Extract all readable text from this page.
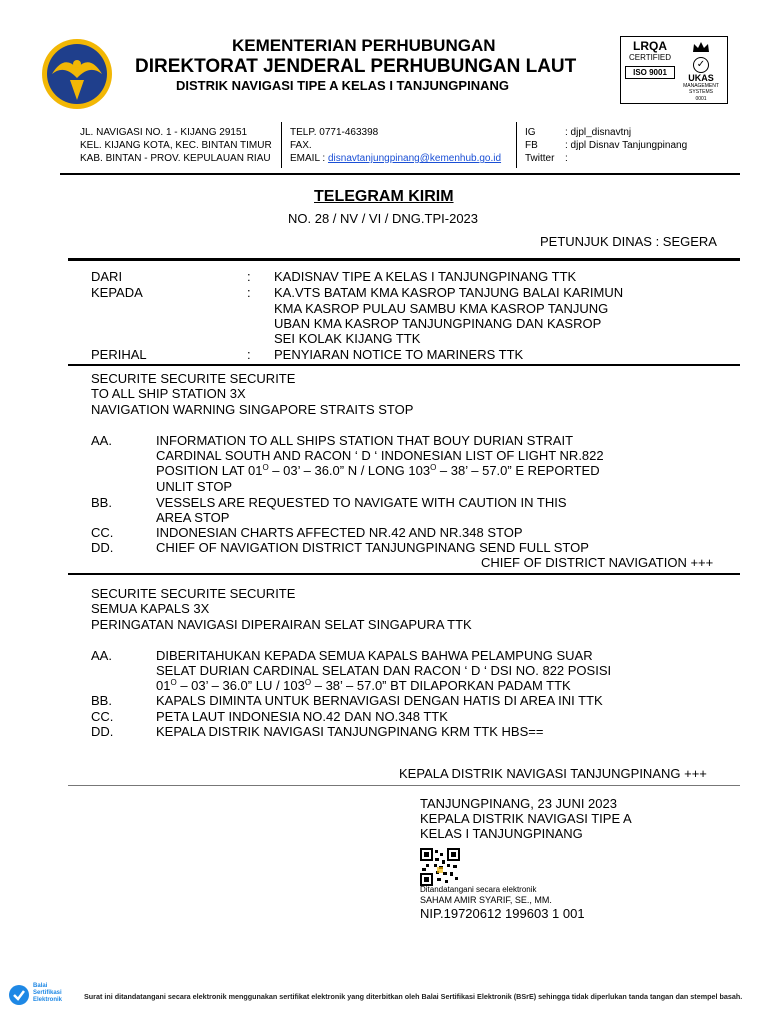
KEMENTERIAN PERHUBUNGAN
DIREKTORAT JENDERAL PERHUBUNGAN LAUT
DISTRIK NAVIGASI TIPE A KELAS I TANJUNGPINANG
LRQA
CERTIFIED
ISO 9001
✓
UKAS
MANAGEMENT SYSTEMS
0001
JL. NAVIGASI NO. 1 - KIJANG 29151
KEL. KIJANG KOTA, KEC. BINTAN TIMUR
KAB. BINTAN - PROV. KEPULAUAN RIAU
TELP. 0771-463398
FAX.
EMAIL : disnavtanjungpinang@kemenhub.go.id
IG	: djpl_disnavtnj
FB	: djpl Disnav Tanjungpinang
Twitter :
TELEGRAM KIRIM
NO. 28 / NV / VI / DNG.TPI-2023
PETUNJUK DINAS : SEGERA
DARI	: KADISNAV TIPE A KELAS I TANJUNGPINANG TTK
KEPADA	: KA.VTS BATAM KMA KASROP TANJUNG BALAI KARIMUN
KMA KASROP PULAU SAMBU KMA KASROP TANJUNG
UBAN KMA KASROP TANJUNGPINANG DAN KASROP
SEI KOLAK KIJANG TTK
PERIHAL	: PENYIARAN NOTICE TO MARINERS TTK
SECURITE SECURITE SECURITE
TO ALL SHIP STATION 3X
NAVIGATION WARNING SINGAPORE STRAITS STOP
AA.	INFORMATION TO ALL SHIPS STATION THAT BOUY DURIAN STRAIT
CARDINAL SOUTH AND RACON ‘ D ‘ INDONESIAN LIST OF LIGHT NR.822
POSITION LAT $01^O - 03$’ – 36.0” N / LONG $103^O - 38$’ – 57.0” E REPORTED
UNLIT STOP
BB.	VESSELS ARE REQUESTED TO NAVIGATE WITH CAUTION IN THIS
AREA STOP
CC.	INDONESIAN CHARTS AFFECTED NR.42 AND NR.348 STOP
DD.	CHIEF OF NAVIGATION DISTRICT TANJUNGPINANG SEND FULL STOP
CHIEF OF DISTRICT NAVIGATION +++
SECURITE SECURITE SECURITE
SEMUA KAPALS 3X
PERINGATAN NAVIGASI DIPERAIRAN SELAT SINGAPURA TTK
AA.	DIBERITAHUKAN KEPADA SEMUA KAPALS BAHWA PELAMPUNG SUAR
SELAT DURIAN CARDINAL SELATAN DAN RACON ‘ D ‘ DSI NO. 822 POSISI
$01^O - 03$’ – 36.0” LU / $103^O - 38$’ – 57.0” BT DILAPORKAN PADAM TTK
BB.	KAPALS DIMINTA UNTUK BERNAVIGASI DENGAN HATIS DI AREA INI TTK
CC.	PETA LAUT INDONESIA NO.42 DAN NO.348 TTK
DD.	KEPALA DISTRIK NAVIGASI TANJUNGPINANG KRM TTK HBS==
KEPALA DISTRIK NAVIGASI TANJUNGPINANG +++
TANJUNGPINANG, 23 JUNI 2023
KEPALA DISTRIK NAVIGASI TIPE A
KELAS I TANJUNGPINANG
Ditandatangani secara elektronik
SAHAM AMIR SYARIF, SE., MM.
NIP.19720612 199603 1 001
Balai
Sertifikasi
Elektronik	Surat ini ditandatangani secara elektronik menggunakan sertifikat elektronik yang diterbitkan oleh Balai Sertifikasi Elektronik (BSrE) sehingga tidak diperlukan tanda tangan dan stempel basah.
